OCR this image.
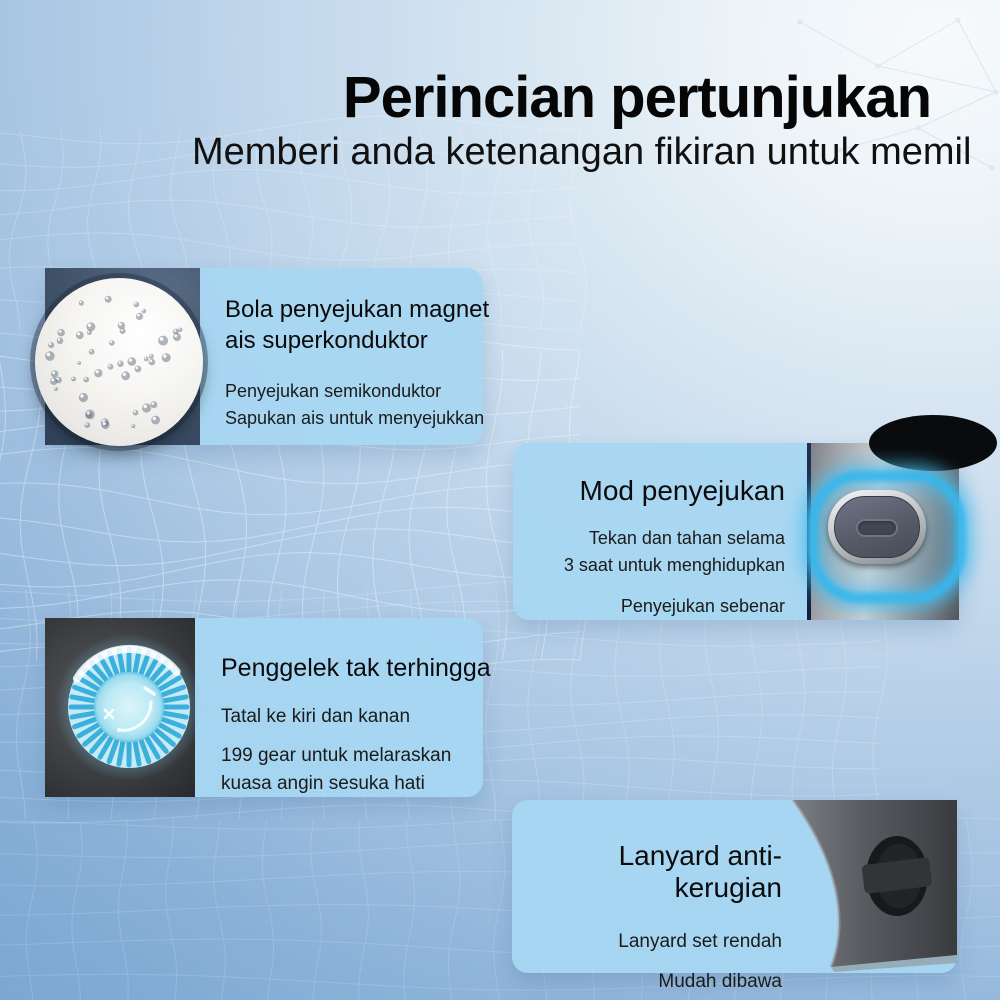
Perincian pertunjukan
Memberi anda ketenangan fikiran untuk memil
Bola penyejukan magnet
ais superkonduktor
Penyejukan semikonduktor
Sapukan ais untuk menyejukkan
Mod penyejukan
Tekan dan tahan selama
3 saat untuk menghidupkan
Penyejukan sebenar
Penggelek tak terhingga
Tatal ke kiri dan kanan
199 gear untuk melaraskan
kuasa angin sesuka hati
Lanyard anti-kerugian
Lanyard set rendah
Mudah dibawa
